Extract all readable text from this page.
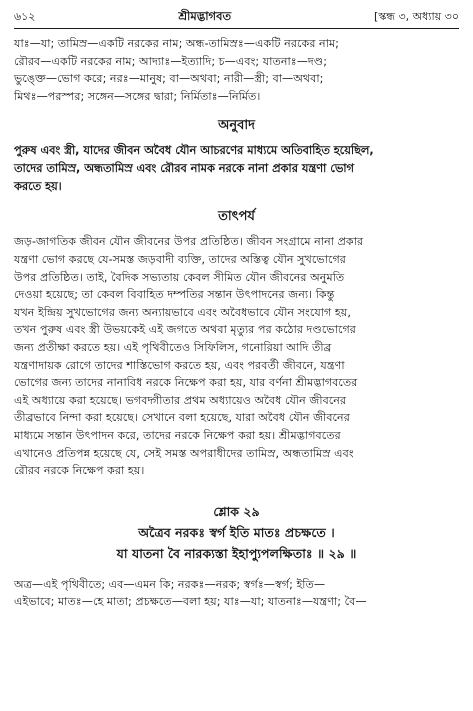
৬১২	শ্রীমদ্ভাগবত	[স্কন্ধ ৩, অধ্যায় ৩০

যাঃ—যা; তামিস্র—একটি নরকের নাম; অন্ধ-তামিস্রঃ—একটি নরকের নাম;

রৌরব—একটি নরকের নাম; আদ্যাঃ—ইত্যাদি; চ—এবং; যাতনাঃ—দণ্ড;

ভুঙ্ক্তে—ভোগ করে; নরঃ—মানুষ; বা—অথবা; নারী—স্ত্রী; বা—অথবা;

মিথঃ—পরস্পর; সঙ্গেন—সঙ্গের দ্বারা; নির্মিতাঃ—নির্মিত।

অনুবাদ
পুরুষ এবং স্ত্রী, যাদের জীবন অবৈধ যৌন আচরণের মাধ্যমে অতিবাহিত হয়েছিল,
তাদের তামিস্র, অন্ধতামিস্র এবং রৌরব নামক নরকে নানা প্রকার যন্ত্রণা ভোগ
করতে হয়।
তাৎপর্য

জড়-জাগতিক জীবন যৌন জীবনের উপর প্রতিষ্ঠিত। জীবন সংগ্রামে নানা প্রকার

যন্ত্রণা ভোগ করছে যে-সমস্ত জড়বাদী ব্যক্তি, তাদের অস্তিত্ব যৌন সুখভোগের

উপর প্রতিষ্ঠিত। তাই, বৈদিক সভ্যতায় কেবল সীমিত যৌন জীবনের অনুমতি

দেওয়া হয়েছে; তা কেবল বিবাহিত দম্পতির সন্তান উৎপাদনের জন্য। কিন্তু

যখন ইন্দ্রিয় সুখভোগের জন্য অন্যায়ভাবে এবং অবৈধভাবে যৌন সংযোগ হয়,

তখন পুরুষ এবং স্ত্রী উভয়কেই এই জগতে অথবা মৃত্যুর পর কঠোর দণ্ডভোগের

জন্য প্রতীক্ষা করতে হয়। এই পৃথিবীতেও সিফিলিস, গনোরিয়া আদি তীব্র

যন্ত্রণাদায়ক রোগে তাদের শাস্তিভোগ করতে হয়, এবং পরবর্তী জীবনে, যন্ত্রণা

ভোগের জন্য তাদের নানাবিধ নরকে নিক্ষেপ করা হয়, যার বর্ণনা শ্রীমদ্ভাগবতের

এই অধ্যায়ে করা হয়েছে। ভগবদ্গীতার প্রথম অধ্যায়েও অবৈধ যৌন জীবনের

তীব্রভাবে নিন্দা করা হয়েছে। সেখানে বলা হয়েছে, যারা অবৈধ যৌন জীবনের

মাধ্যমে সন্তান উৎপাদন করে, তাদের নরকে নিক্ষেপ করা হয়। শ্রীমদ্ভাগবতের

এখানেও প্রতিপন্ন হয়েছে যে, সেই সমস্ত অপরাধীদের তামিস্র, অন্ধতামিস্র এবং

রৌরব নরকে নিক্ষেপ করা হয়।

শ্লোক ২৯
অত্রৈব নরকঃ স্বর্গ ইতি মাতঃ প্রচক্ষতে ।
যা যাতনা বৈ নারক্যস্তা ইহাপ্যুপলক্ষিতাঃ ॥ ২৯ ॥

অত্র—এই পৃথিবীতে; এব—এমন কি; নরকঃ—নরক; স্বর্গঃ—স্বর্গ; ইতি—

এইভাবে; মাতঃ—হে মাতা; প্রচক্ষতে—বলা হয়; যাঃ—যা; যাতনাঃ—যন্ত্রণা; বৈ—
